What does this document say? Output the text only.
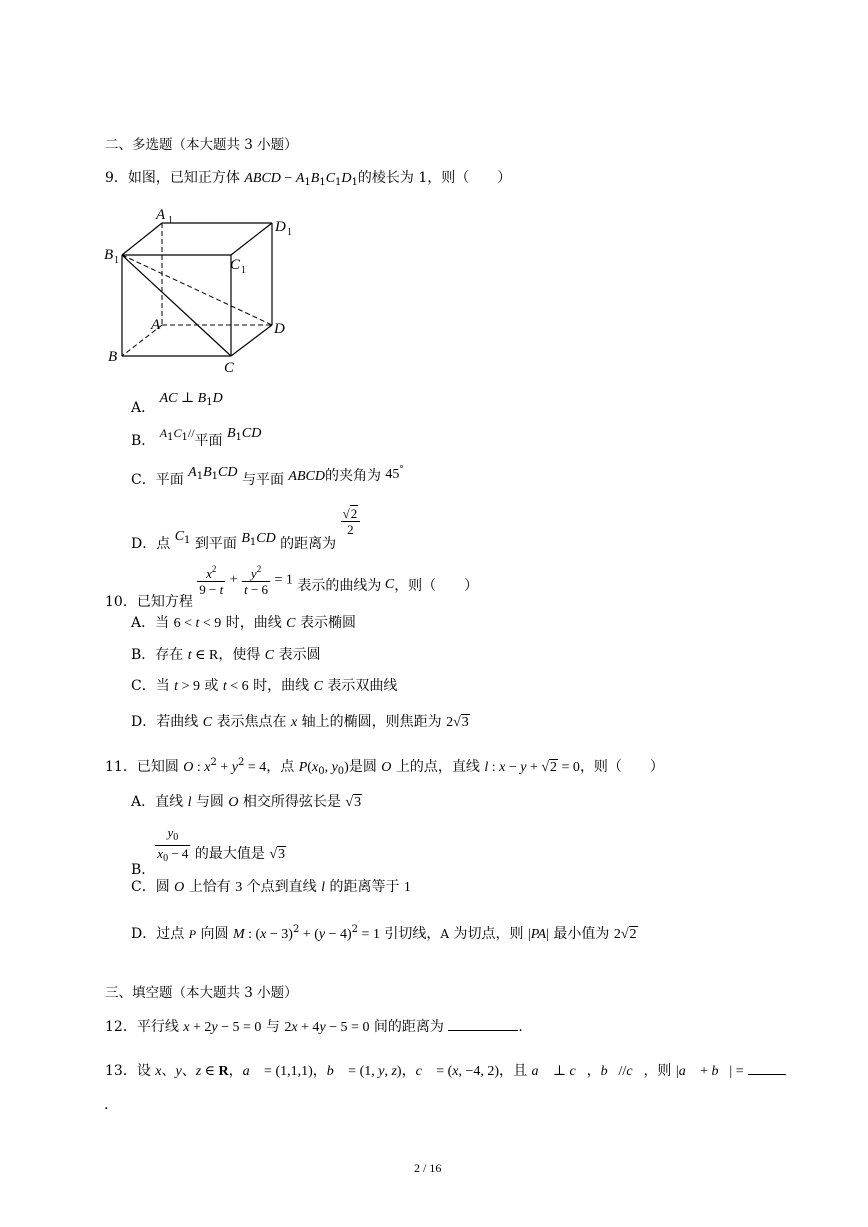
二、多选题（本大题共 3 小题）
9．如图，已知正方体 ABCD − $A_1B_1C_1D_1$的棱长为 1，则（　　）
A 1	D 1
B 1	C 1
A	D
B
C
A． AC ⊥ $B_1D$
B． $A_1C_1//$平面 $B_1CD$
C．平面 $A_1B_1CD$ 与平面 ABCD的夹角为 45°
D．点 $C_1$ 到平面 $B_1CD$ 的距离为
$\frac{√2}{2}$
10．已知方程
$\frac{x^2}{9 - t} + \frac{y^2}{t - 6} = 1$ 表示的曲线为 C，则（　　）
A．当 6 < t < 9 时，曲线 C 表示椭圆
B．存在 t ∈ R，使得 C 表示圆
C．当 t > 9 或 t < 6 时，曲线 C 表示双曲线
D．若曲线 C 表示焦点在 x 轴上的椭圆，则焦距为 2√3
11．已知圆 O : $x^2 + y^2 = 4$，点 $P(x_0$, $y_0$)是圆 O 上的点，直线 l : x − y + √2 = 0，则（　　）
A．直线 l 与圆 O 相交所得弦长是 √3
B．
$\frac{y_0}{x_0 - 4}$ 的最大值是 √3
C．圆 O 上恰有 3 个点到直线 l 的距离等于 1
D．过点 P 向圆 M : $(x - 3)^2 + (y - 4)^2 = 1$ 引切线，A 为切点，则 |PA| 最小值为 2√2
三、填空题（本大题共 3 小题）
12．平行线 x + 2y − 5 = 0 与 2x + 4y − 5 = 0 间的距离为	.
13．设 x、y、z ∈ R，a⃗ = (1,1,1)，b⃗ = (1, y, z)，c⃗ = (x, −4, 2)，且 a⃗ ⊥ c⃗，b⃗//c⃗，则 |a⃗ + b⃗| =
.
2 / 16
